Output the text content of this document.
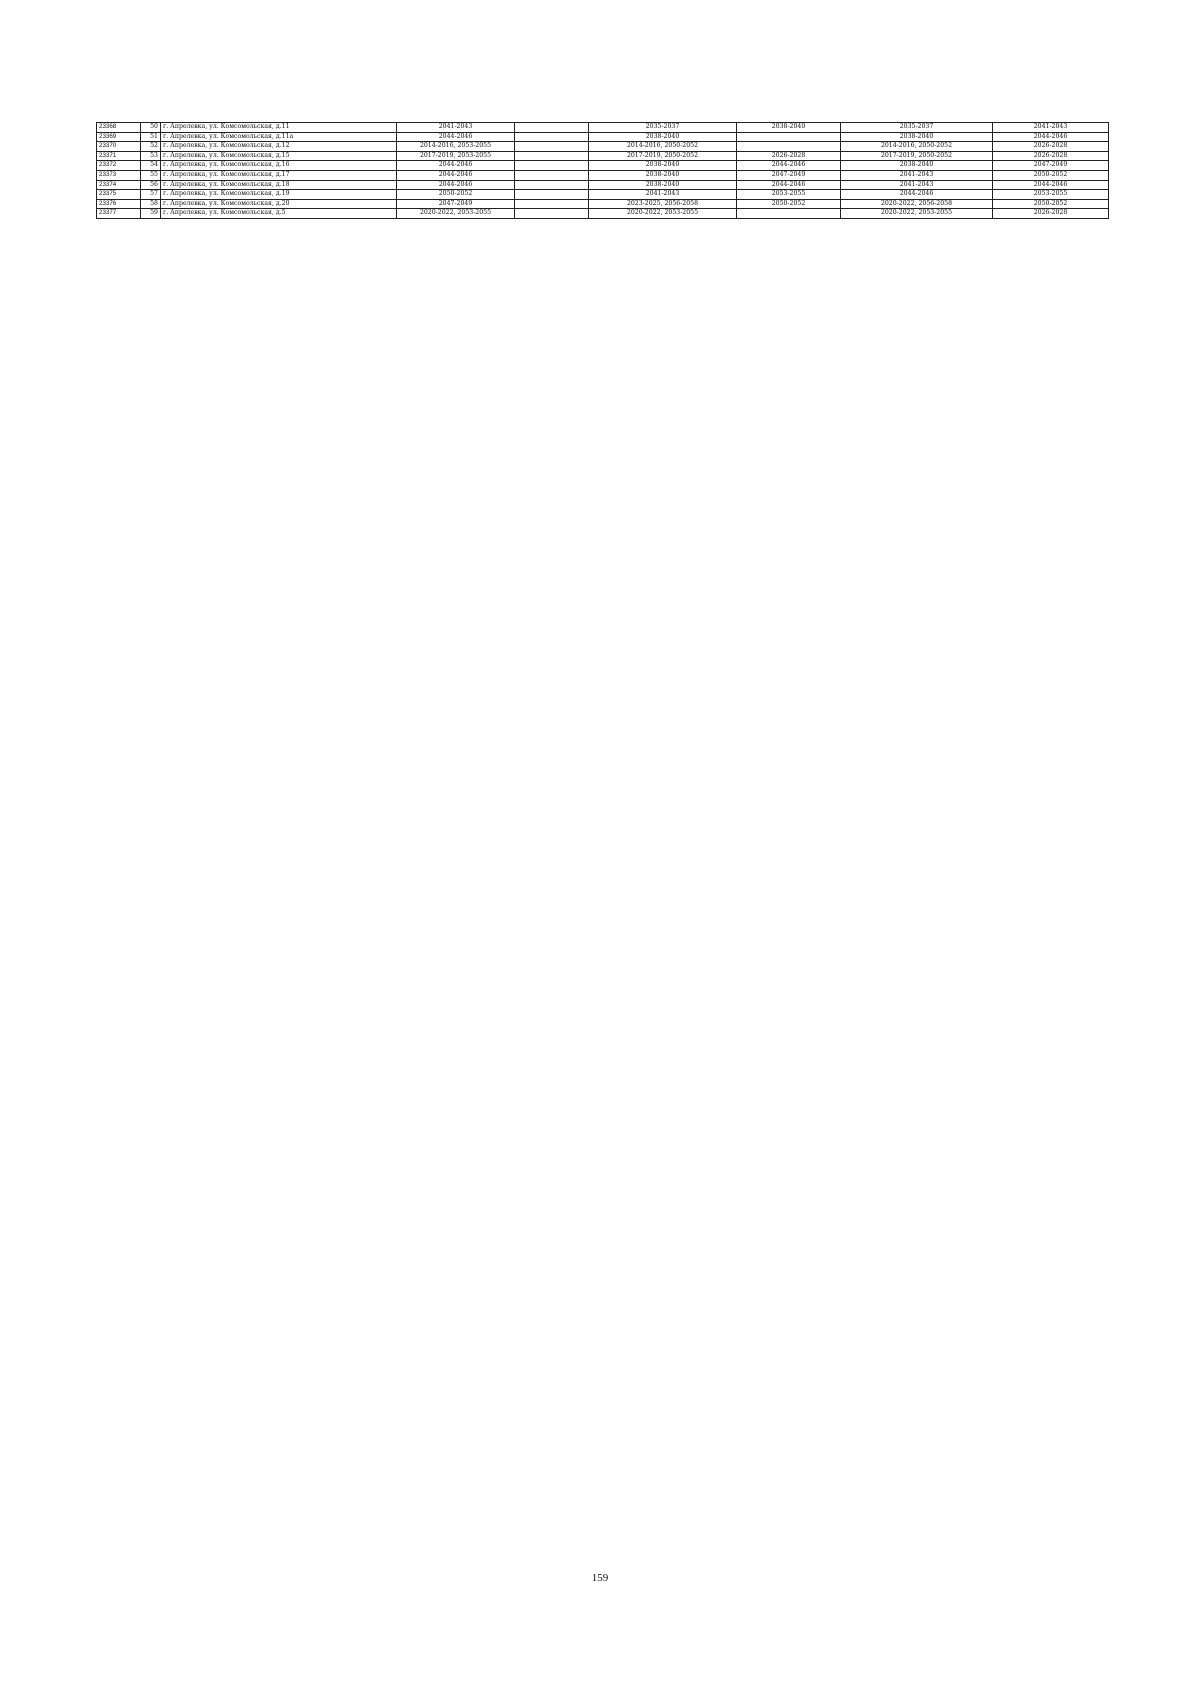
23368	50	г. Апрелевка, ул. Комсомольская, д.11	2041-2043		2035-2037	2038-2040	2035-2037	2041-2043
23369	51	г. Апрелевка, ул. Комсомольская, д.11а	2044-2046		2038-2040		2038-2040	2044-2046
23370	52	г. Апрелевка, ул. Комсомольская, д.12	2014-2016, 2053-2055		2014-2016, 2050-2052		2014-2016, 2050-2052	2026-2028
23371	53	г. Апрелевка, ул. Комсомольская, д.15	2017-2019, 2053-2055		2017-2019, 2050-2052	2026-2028	2017-2019, 2050-2052	2026-2028
23372	54	г. Апрелевка, ул. Комсомольская, д.16	2044-2046		2038-2040	2044-2046	2038-2040	2047-2049
23373	55	г. Апрелевка, ул. Комсомольская, д.17	2044-2046		2038-2040	2047-2049	2041-2043	2050-2052
23374	56	г. Апрелевка, ул. Комсомольская, д.18	2044-2046		2038-2040	2044-2046	2041-2043	2044-2046
23375	57	г. Апрелевка, ул. Комсомольская, д.19	2050-2052		2041-2043	2053-2055	2044-2046	2053-2055
23376	58	г. Апрелевка, ул. Комсомольская, д.20	2047-2049		2023-2025, 2056-2058	2050-2052	2020-2022, 2056-2058	2050-2052
23377	59	г. Апрелевка, ул. Комсомольская, д.5	2020-2022, 2053-2055		2020-2022, 2053-2055		2020-2022, 2053-2055	2026-2028
159
